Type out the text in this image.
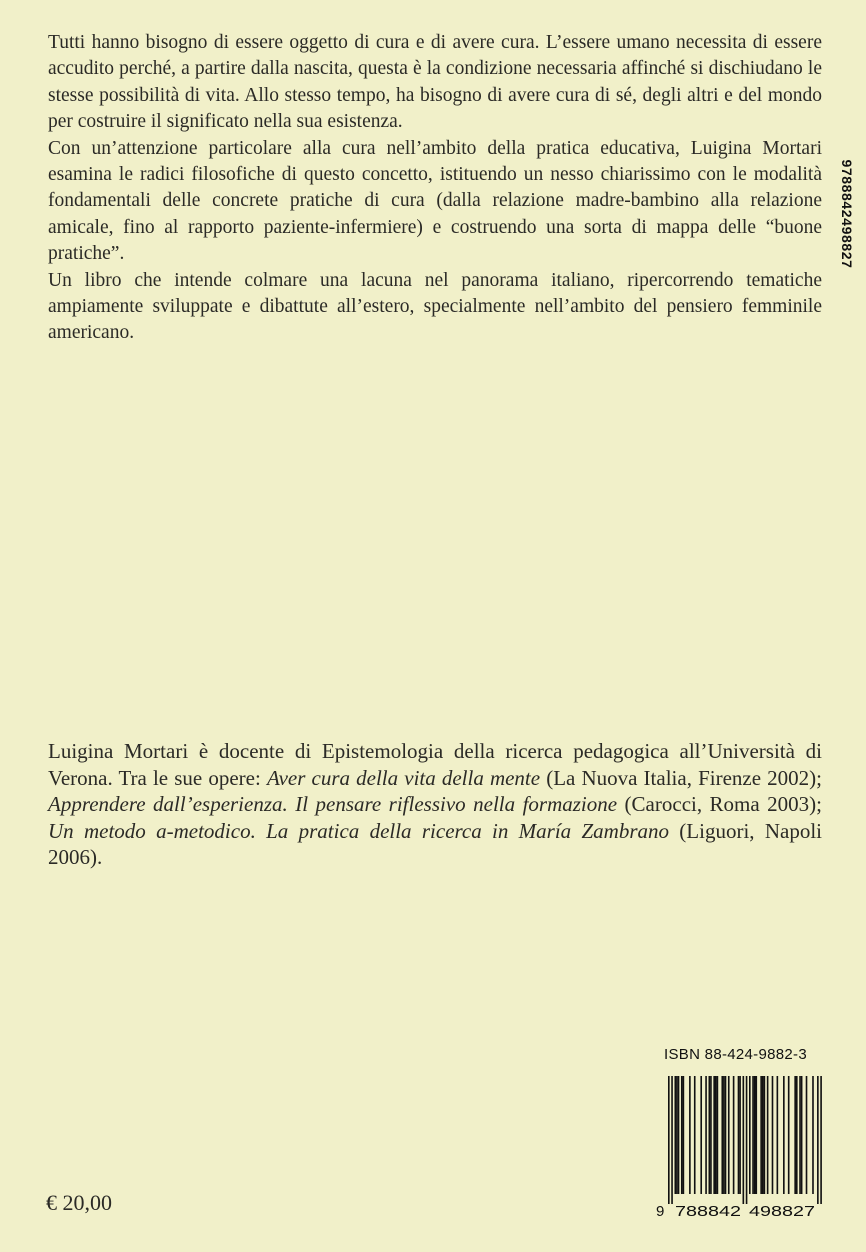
Tutti hanno bisogno di essere oggetto di cura e di avere cura. L’essere umano necessita di essere accudito perché, a partire dalla nascita, questa è la condizione necessaria affinché si dischiudano le stesse possibilità di vita. Allo stesso tempo, ha bisogno di avere cura di sé, degli altri e del mondo per costruire il significato nella sua esistenza.

Con un’attenzione particolare alla cura nell’ambito della pratica educativa, Luigina Mortari esamina le radici filosofiche di questo concetto, istituendo un nesso chiarissimo con le modalità fondamentali delle concrete pratiche di cura (dalla relazione madre-bambino alla relazione amicale, fino al rapporto paziente-infermiere) e costruendo una sorta di mappa delle “buone pratiche”.

Un libro che intende colmare una lacuna nel panorama italiano, ripercorrendo tematiche ampiamente sviluppate e dibattute all’estero, specialmente nell’ambito del pensiero femminile americano.

9788842498827
Luigina Mortari è docente di Epistemologia della ricerca pedagogica all’Università di Verona. Tra le sue opere: Aver cura della vita della mente (La Nuova Italia, Firenze 2002); Apprendere dall’esperienza. Il pensare riflessivo nella formazione (Carocci, Roma 2003); Un metodo a-metodico. La pratica della ricerca in María Zambrano (Liguori, Napoli 2006).
ISBN 88-424-9882-3
9 788842 498827
€ 20,00
